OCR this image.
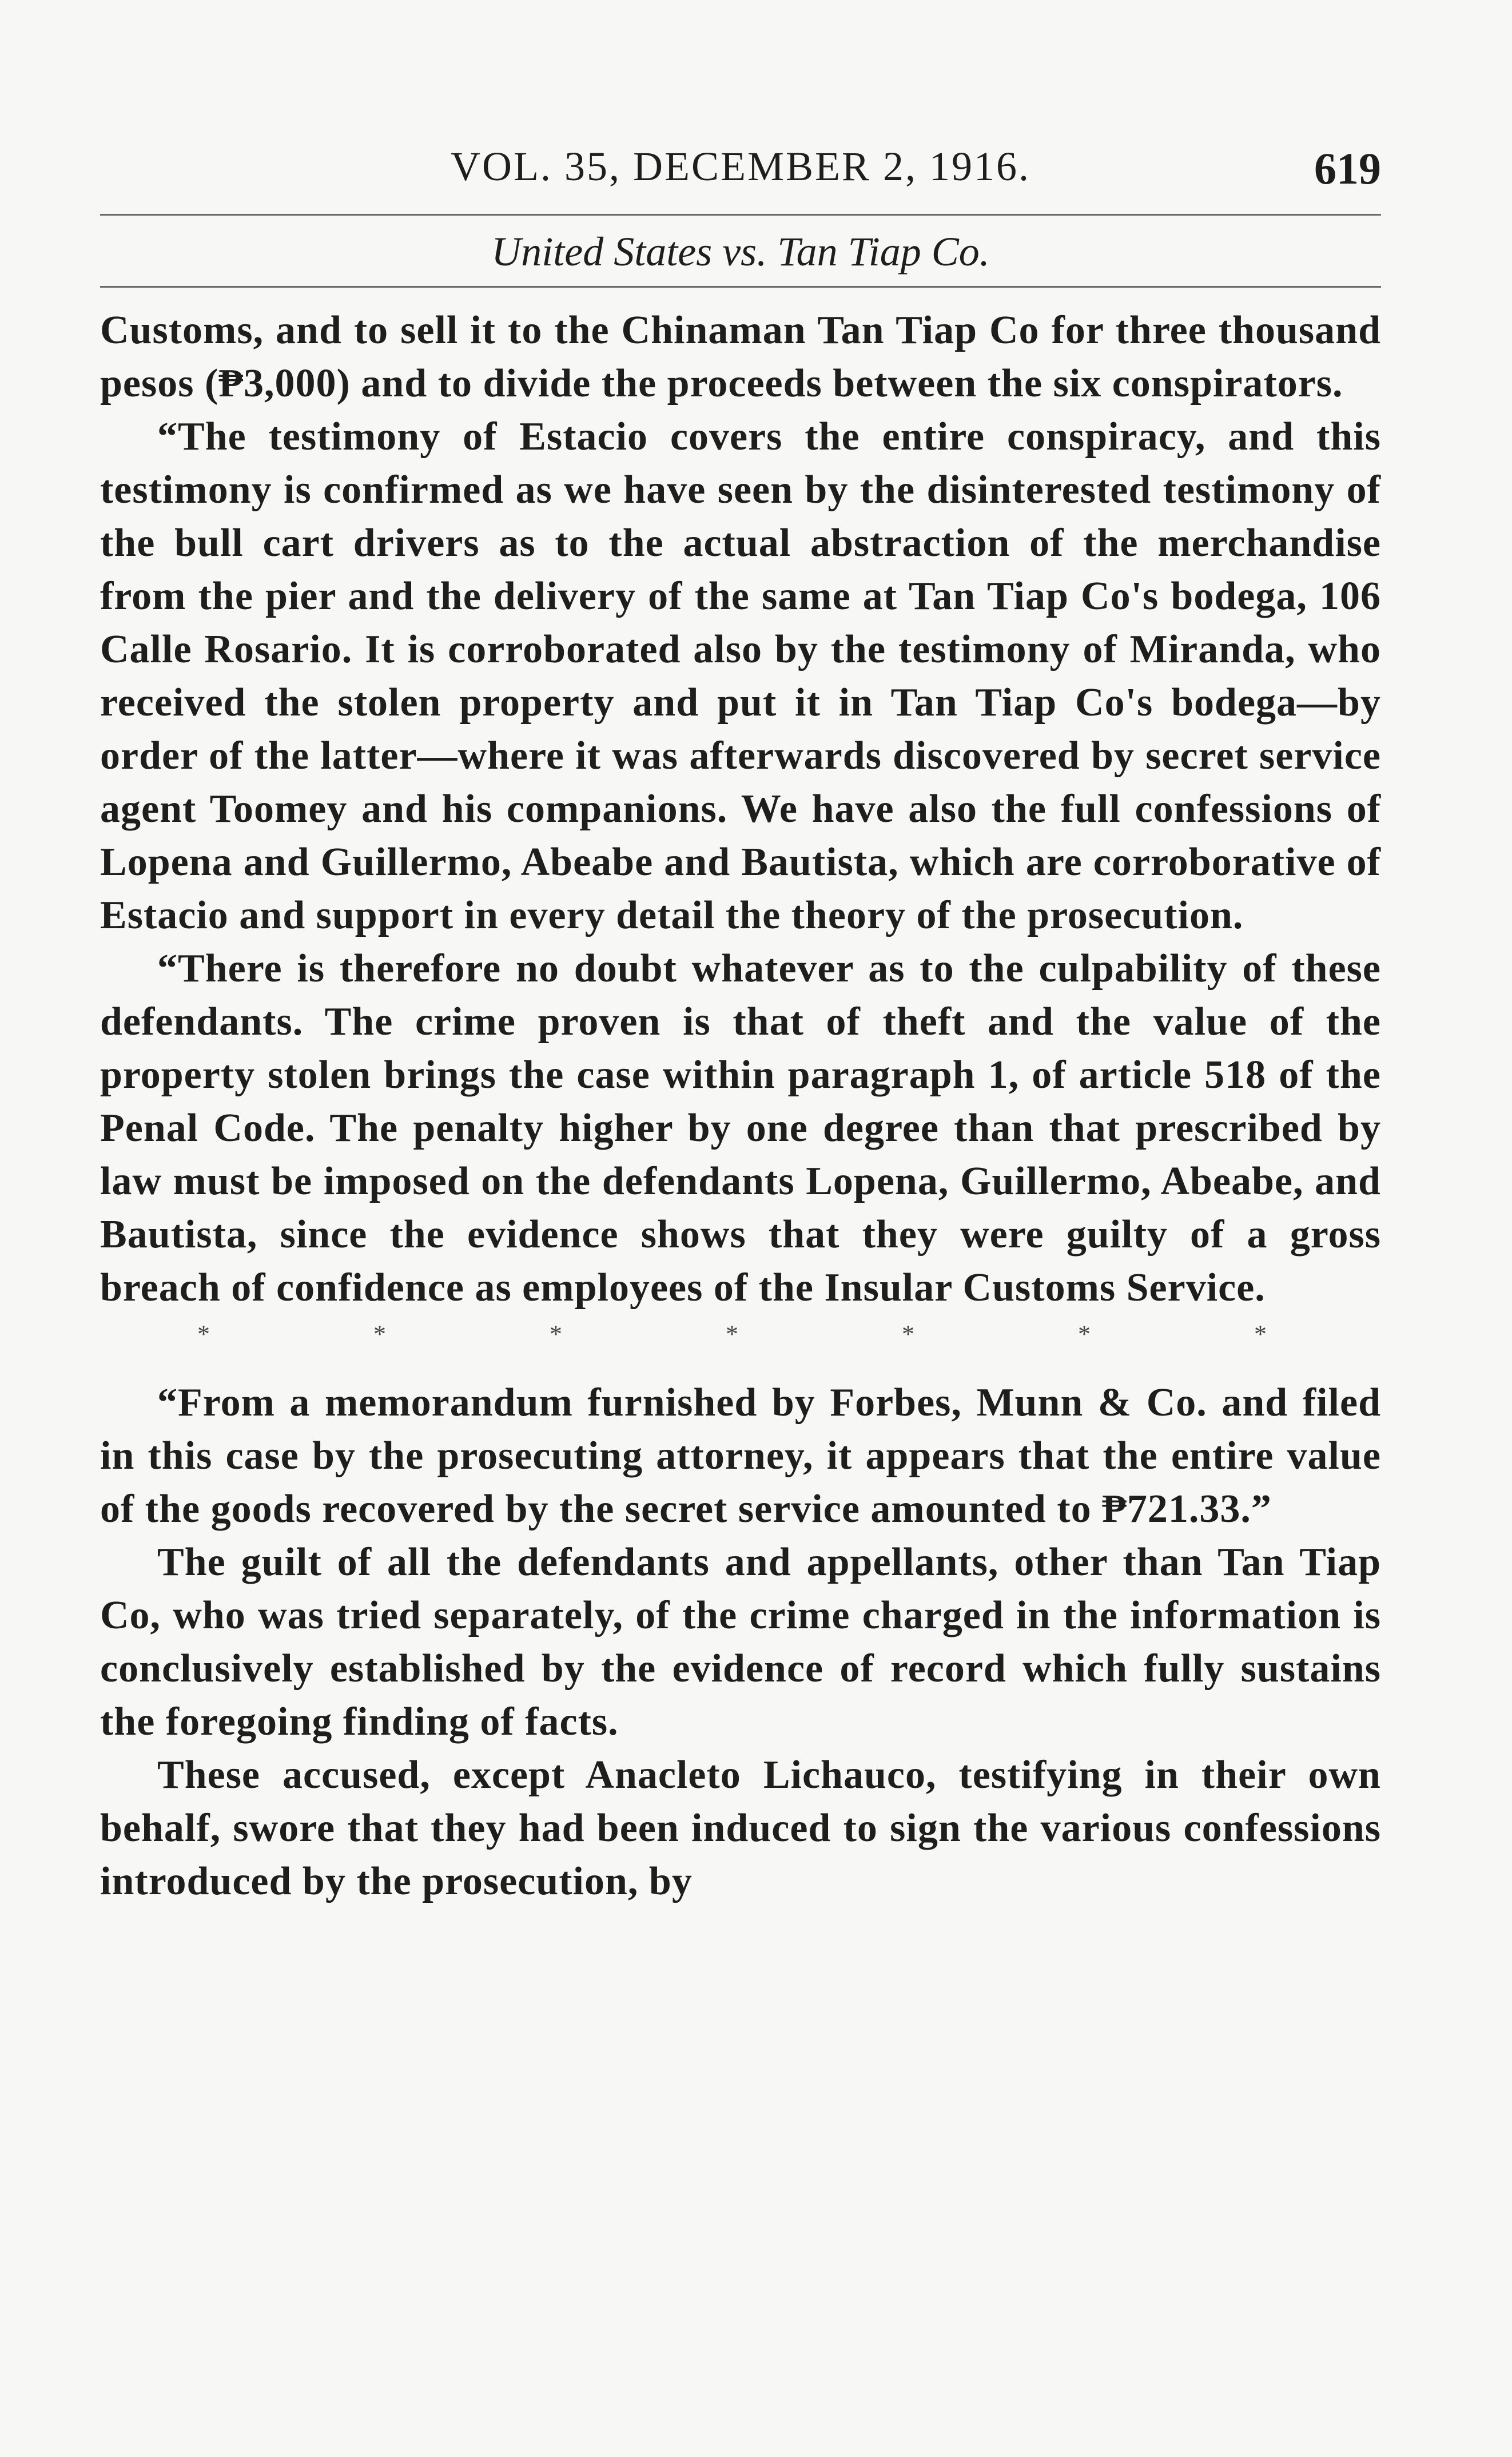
VOL. 35, DECEMBER 2, 1916.	619
United States vs. Tan Tiap Co.

Customs, and to sell it to the Chinaman Tan Tiap Co for three thousand pesos (₱3,000) and to divide the proceeds between the six conspirators.

“The testimony of Estacio covers the entire conspiracy, and this testimony is confirmed as we have seen by the disinterested testimony of the bull cart drivers as to the actual abstraction of the merchandise from the pier and the delivery of the same at Tan Tiap Co's bodega, 106 Calle Rosario. It is corroborated also by the testimony of Miranda, who received the stolen property and put it in Tan Tiap Co's bodega—by order of the latter—where it was afterwards discovered by secret service agent Toomey and his companions. We have also the full confessions of Lopena and Guillermo, Abeabe and Bautista, which are corroborative of Estacio and support in every detail the theory of the prosecution.

“There is therefore no doubt whatever as to the culpability of these defendants. The crime proven is that of theft and the value of the property stolen brings the case within paragraph 1, of article 518 of the Penal Code. The penalty higher by one degree than that prescribed by law must be imposed on the defendants Lopena, Guillermo, Abeabe, and Bautista, since the evidence shows that they were guilty of a gross breach of confidence as employees of the Insular Customs Service.

*	*	*	*	*	*	*

“From a memorandum furnished by Forbes, Munn & Co. and filed in this case by the prosecuting attorney, it appears that the entire value of the goods recovered by the secret service amounted to ₱721.33.”

The guilt of all the defendants and appellants, other than Tan Tiap Co, who was tried separately, of the crime charged in the information is conclusively established by the evidence of record which fully sustains the foregoing finding of facts.

These accused, except Anacleto Lichauco, testifying in their own behalf, swore that they had been induced to sign the various confessions introduced by the prosecution, by
